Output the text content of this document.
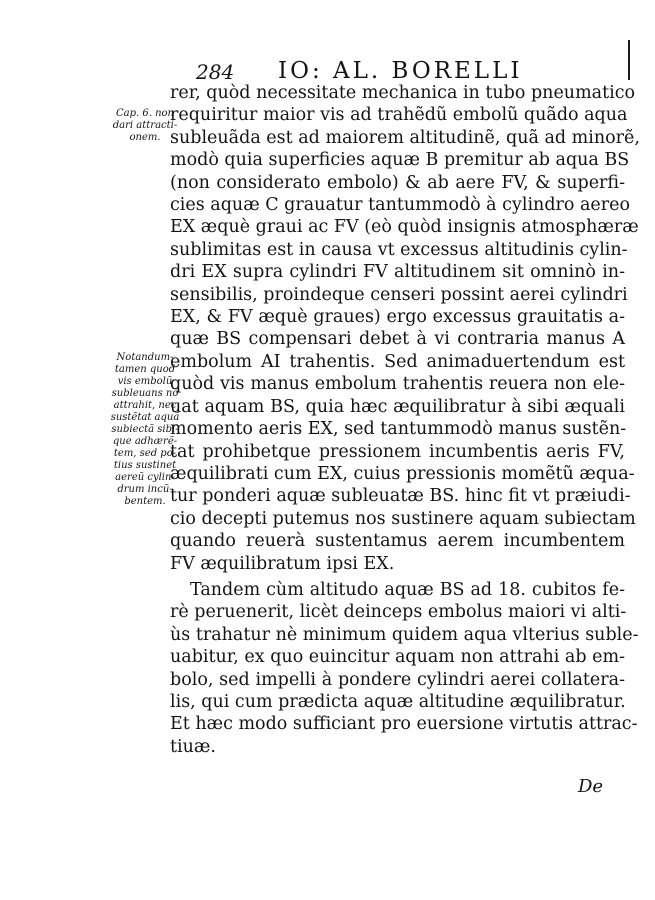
284 IO: AL. BORELLI
Cap. 6. non
dari attracti-
onem.
Notandum-
tamen quod
vis embolũ
subleuans nõ
attrahit, nec
sustẽtat aquã
subiectã sibi-
que adhærẽ-
tem, sed po-
tius sustinet
aereũ cylin-
drum incũ-
bentem.
rer, quòd necessitate mechanica in tubo pneumatico
requiritur maior vis ad trahẽdũ embolũ quãdo aqua
subleuãda est ad maiorem altitudinẽ, quã ad minorẽ,
modò quia superficies aquæ B premitur ab aqua BS
(non considerato embolo) & ab aere FV, & superfi-
cies aquæ C grauatur tantummodò à cylindro aereo
EX æquè graui ac FV (eò quòd insignis atmosphæræ
sublimitas est in causa vt excessus altitudinis cylin-
dri EX supra cylindri FV altitudinem sit omninò in-
sensibilis, proindeque censeri possint aerei cylindri
EX, & FV æquè graues) ergo excessus grauitatis a-
quæ BS compensari debet à vi contraria manus A
embolum AI trahentis. Sed animaduertendum est
quòd vis manus embolum trahentis reuera non ele-
uat aquam BS, quia hæc æquilibratur à sibi æquali
momento aeris EX, sed tantummodò manus sustẽn-
tat prohibetque pressionem incumbentis aeris FV,
æquilibrati cum EX, cuius pressionis momẽtũ æqua-
tur ponderi aquæ subleuatæ BS. hinc fit vt præiudi-
cio decepti putemus nos sustinere aquam subiectam
quando reuerà sustentamus aerem incumbentem
FV æquilibratum ipsi EX.
Tandem cùm altitudo aquæ BS ad 18. cubitos fe-
rè peruenerit, licèt deinceps embolus maiori vi alti-
ùs trahatur nè minimum quidem aqua vlterius suble-
uabitur, ex quo euincitur aquam non attrahi ab em-
bolo, sed impelli à pondere cylindri aerei collatera-
lis, qui cum prædicta aquæ altitudine æquilibratur.
Et hæc modo sufficiant pro euersione virtutis attrac-
tiuæ.
De
